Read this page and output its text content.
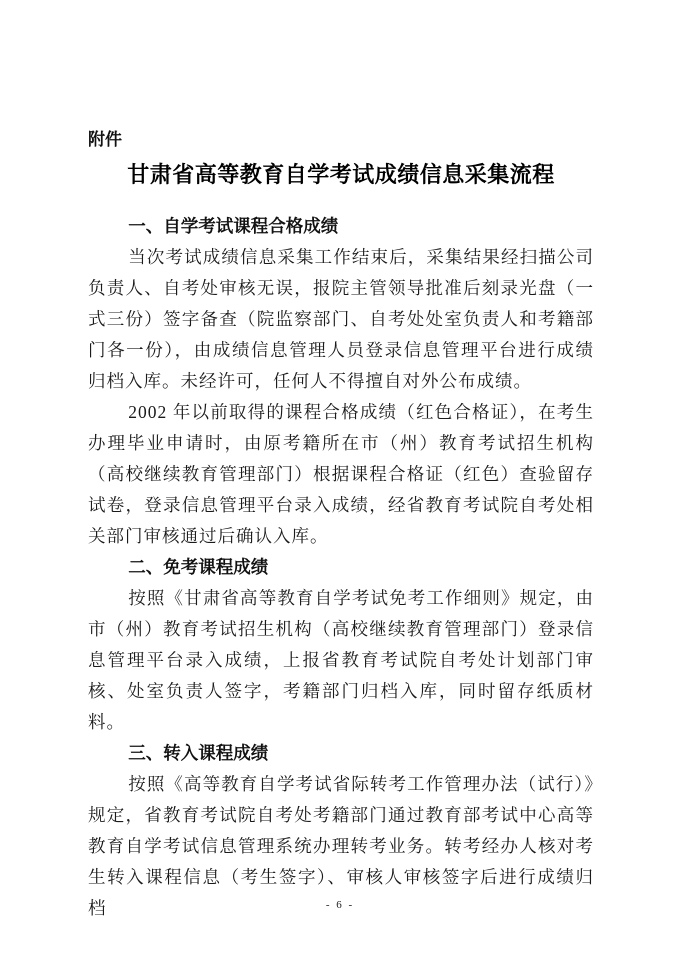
附件
甘肃省高等教育自学考试成绩信息采集流程
一、自学考试课程合格成绩

当次考试成绩信息采集工作结束后，采集结果经扫描公司负责人、自考处审核无误，报院主管领导批准后刻录光盘（一式三份）签字备查（院监察部门、自考处处室负责人和考籍部门各一份），由成绩信息管理人员登录信息管理平台进行成绩归档入库。未经许可，任何人不得擅自对外公布成绩。

2002 年以前取得的课程合格成绩（红色合格证），在考生办理毕业申请时，由原考籍所在市（州）教育考试招生机构（高校继续教育管理部门）根据课程合格证（红色）查验留存试卷，登录信息管理平台录入成绩，经省教育考试院自考处相关部门审核通过后确认入库。

二、免考课程成绩

按照《甘肃省高等教育自学考试免考工作细则》规定，由市（州）教育考试招生机构（高校继续教育管理部门）登录信息管理平台录入成绩，上报省教育考试院自考处计划部门审核、处室负责人签字，考籍部门归档入库，同时留存纸质材料。

三、转入课程成绩

按照《高等教育自学考试省际转考工作管理办法（试行）》规定，省教育考试院自考处考籍部门通过教育部考试中心高等教育自学考试信息管理系统办理转考业务。转考经办人核对考生转入课程信息（考生签字）、审核人审核签字后进行成绩归档	- 6 -
